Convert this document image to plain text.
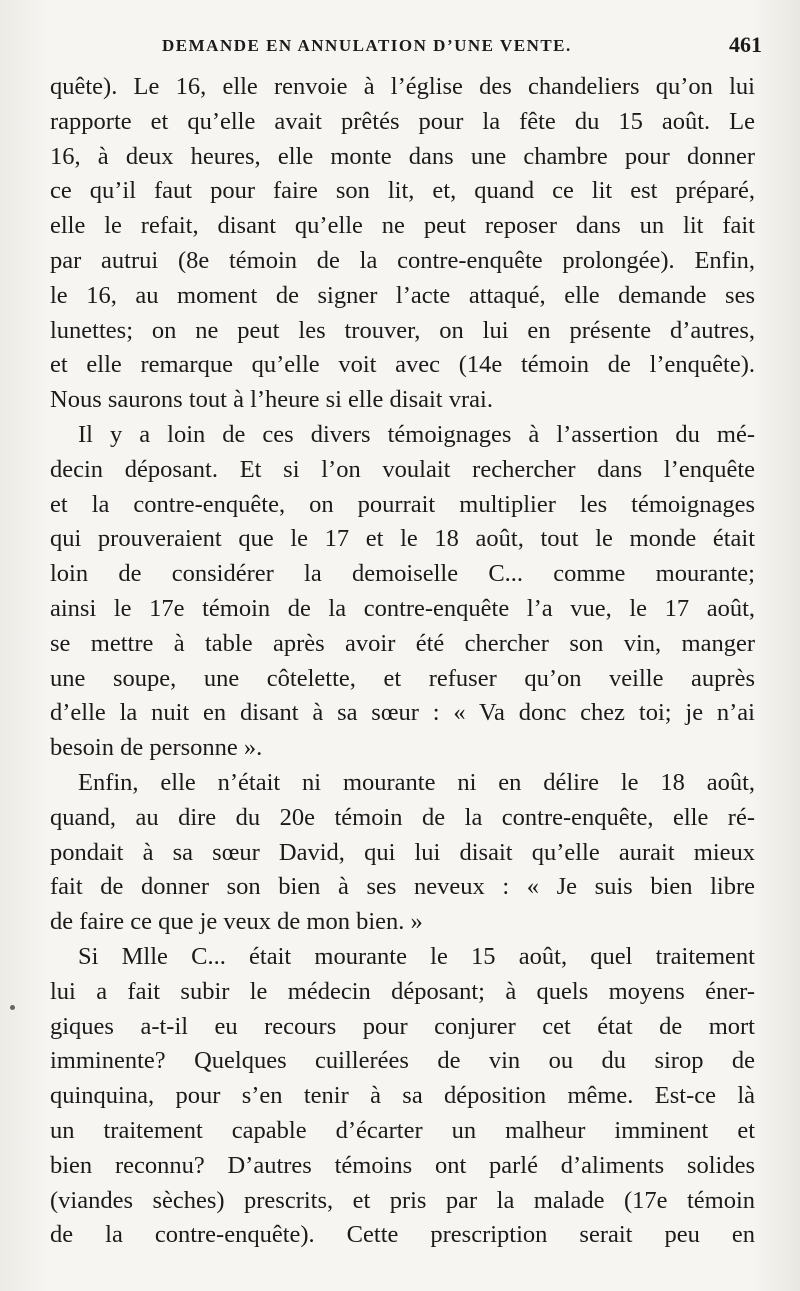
DEMANDE EN ANNULATION D’UNE VENTE.	461
quête). Le 16, elle renvoie à l’église des chandeliers qu’on lui
rapporte et qu’elle avait prêtés pour la fête du 15 août. Le
16, à deux heures, elle monte dans une chambre pour donner
ce qu’il faut pour faire son lit, et, quand ce lit est préparé,
elle le refait, disant qu’elle ne peut reposer dans un lit fait
par autrui (8e témoin de la contre-enquête prolongée). Enfin,
le 16, au moment de signer l’acte attaqué, elle demande ses
lunettes; on ne peut les trouver, on lui en présente d’autres,
et elle remarque qu’elle voit avec (14e témoin de l’enquête).
Nous saurons tout à l’heure si elle disait vrai.
Il y a loin de ces divers témoignages à l’assertion du mé-
decin déposant. Et si l’on voulait rechercher dans l’enquête
et la contre-enquête, on pourrait multiplier les témoignages
qui prouveraient que le 17 et le 18 août, tout le monde était
loin de considérer la demoiselle C... comme mourante;
ainsi le 17e témoin de la contre-enquête l’a vue, le 17 août,
se mettre à table après avoir été chercher son vin, manger
une soupe, une côtelette, et refuser qu’on veille auprès
d’elle la nuit en disant à sa sœur : « Va donc chez toi; je n’ai
besoin de personne ».
Enfin, elle n’était ni mourante ni en délire le 18 août,
quand, au dire du 20e témoin de la contre-enquête, elle ré-
pondait à sa sœur David, qui lui disait qu’elle aurait mieux
fait de donner son bien à ses neveux : « Je suis bien libre
de faire ce que je veux de mon bien. »
Si Mlle C... était mourante le 15 août, quel traitement
lui a fait subir le médecin déposant; à quels moyens éner-
giques a-t-il eu recours pour conjurer cet état de mort
imminente? Quelques cuillerées de vin ou du sirop de
quinquina, pour s’en tenir à sa déposition même. Est-ce là
un traitement capable d’écarter un malheur imminent et
bien reconnu? D’autres témoins ont parlé d’aliments solides
(viandes sèches) prescrits, et pris par la malade (17e témoin
de la contre-enquête). Cette prescription serait peu en
